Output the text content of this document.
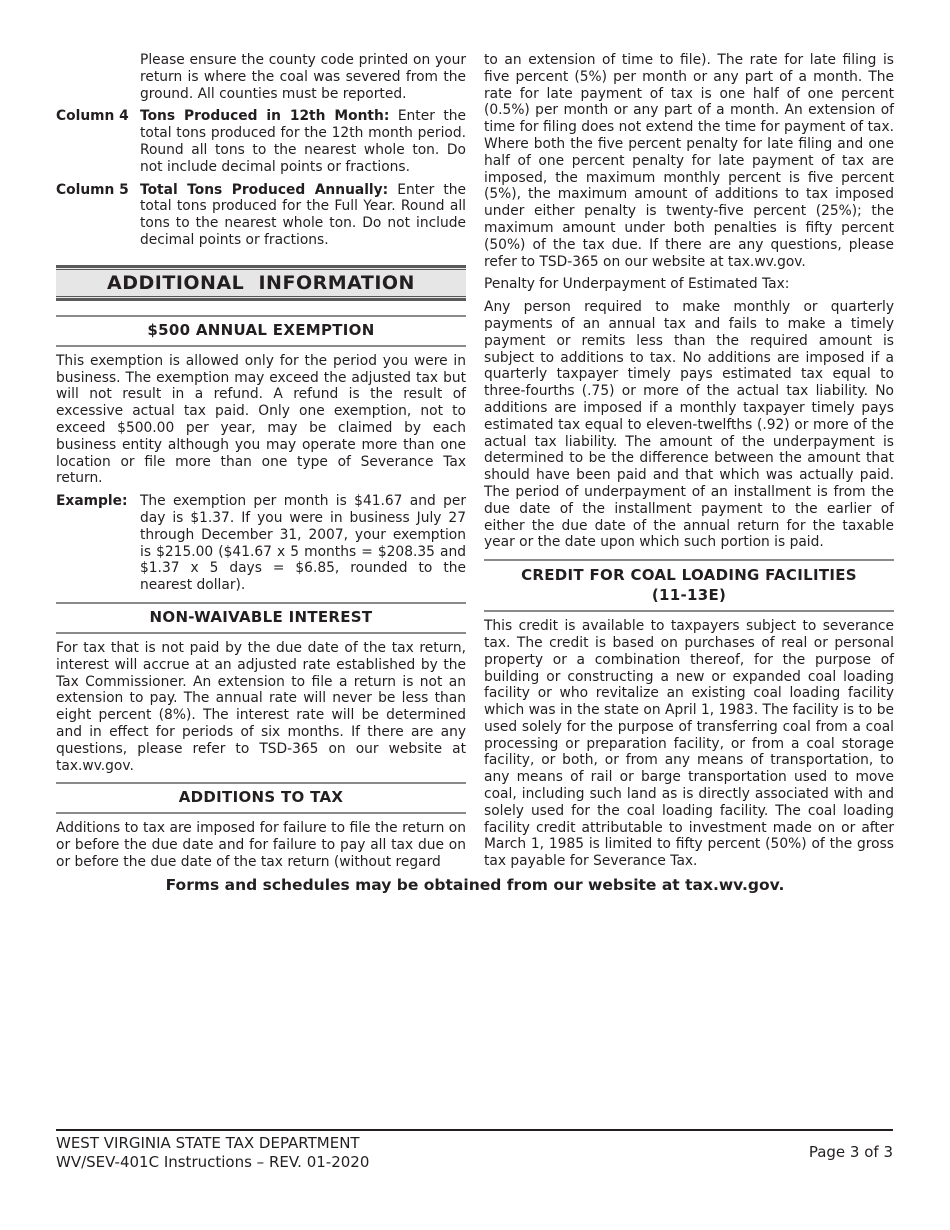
Please ensure the county code printed on your return is where the coal was severed from the ground. All counties must be reported.

Column 4 Tons Produced in 12th Month: Enter the total tons produced for the 12th month period. Round all tons to the nearest whole ton. Do not include decimal points or fractions.

Column 5 Total Tons Produced Annually: Enter the total tons produced for the Full Year. Round all tons to the nearest whole ton. Do not include decimal points or fractions.

ADDITIONAL  INFORMATION
$500 ANNUAL EXEMPTION

This exemption is allowed only for the period you were in business. The exemption may exceed the adjusted tax but will not result in a refund. A refund is the result of excessive actual tax paid. Only one exemption, not to exceed $500.00 per year, may be claimed by each business entity although you may operate more than one location or file more than one type of Severance Tax return.

Example: The exemption per month is $41.67 and per day is $1.37. If you were in business July 27 through December 31, 2007, your exemption is $215.00 ($41.67 x 5 months = $208.35 and $1.37 x 5 days = $6.85, rounded to the nearest dollar).

NON-WAIVABLE INTEREST

For tax that is not paid by the due date of the tax return, interest will accrue at an adjusted rate established by the Tax Commissioner. An extension to file a return is not an extension to pay. The annual rate will never be less than eight percent (8%). The interest rate will be determined and in effect for periods of six months. If there are any questions, please refer to TSD-365 on our website at tax.wv.gov.

ADDITIONS TO TAX

Additions to tax are imposed for failure to file the return on or before the due date and for failure to pay all tax due on or before the due date of the tax return (without regard

to an extension of time to file). The rate for late filing is five percent (5%) per month or any part of a month. The rate for late payment of tax is one half of one percent (0.5%) per month or any part of a month. An extension of time for filing does not extend the time for payment of tax. Where both the five percent penalty for late filing and one half of one percent penalty for late payment of tax are imposed, the maximum monthly percent is five percent (5%), the maximum amount of additions to tax imposed under either penalty is twenty-five percent (25%); the maximum amount under both penalties is fifty percent (50%) of the tax due. If there are any questions, please refer to TSD-365 on our website at tax.wv.gov.

Penalty for Underpayment of Estimated Tax:

Any person required to make monthly or quarterly payments of an annual tax and fails to make a timely payment or remits less than the required amount is subject to additions to tax. No additions are imposed if a quarterly taxpayer timely pays estimated tax equal to three-fourths (.75) or more of the actual tax liability. No additions are imposed if a monthly taxpayer timely pays estimated tax equal to eleven-twelfths (.92) or more of the actual tax liability. The amount of the underpayment is determined to be the difference between the amount that should have been paid and that which was actually paid. The period of underpayment of an installment is from the due date of the installment payment to the earlier of either the due date of the annual return for the taxable year or the date upon which such portion is paid.

CREDIT FOR COAL LOADING FACILITIES
(11-13E)

This credit is available to taxpayers subject to severance tax. The credit is based on purchases of real or personal property or a combination thereof, for the purpose of building or constructing a new or expanded coal loading facility or who revitalize an existing coal loading facility which was in the state on April 1, 1983. The facility is to be used solely for the purpose of transferring coal from a coal processing or preparation facility, or from a coal storage facility, or both, or from any means of transportation, to any means of rail or barge transportation used to move coal, including such land as is directly associated with and solely used for the coal loading facility. The coal loading facility credit attributable to investment made on or after March 1, 1985 is limited to fifty percent (50%) of the gross tax payable for Severance Tax.

Forms and schedules may be obtained from our website at tax.wv.gov.
WEST VIRGINIA STATE TAX DEPARTMENT
WV/SEV-401C Instructions – REV. 01-2020
Page 3 of 3
